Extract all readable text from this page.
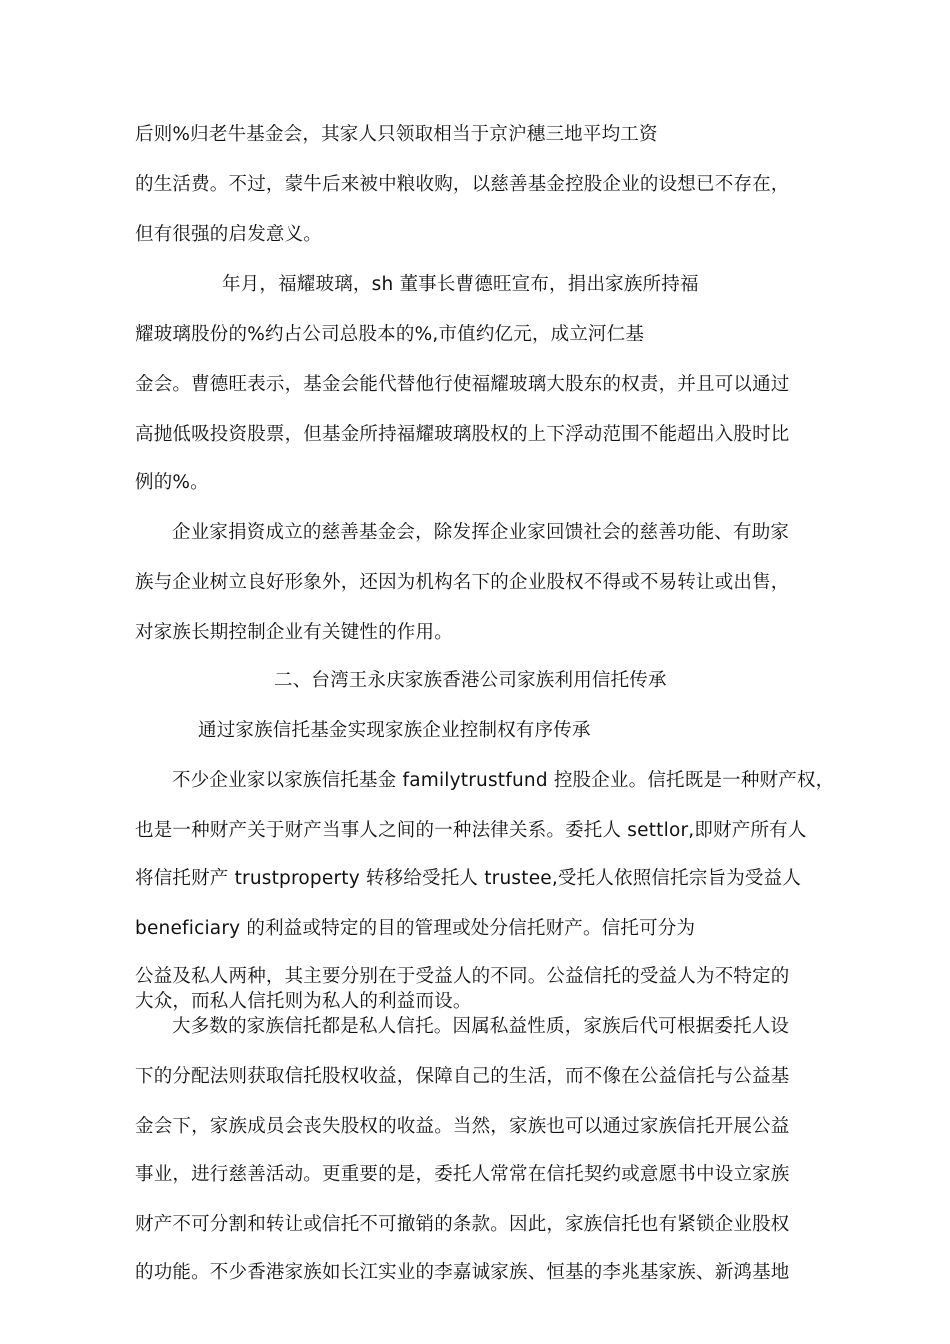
后则%归老牛基金会，其家人只领取相当于京沪穗三地平均工资
的生活费。不过，蒙牛后来被中粮收购，以慈善基金控股企业的设想已不存在，
但有很强的启发意义。
年月，福耀玻璃，sh 董事长曹德旺宣布，捐出家族所持福
耀玻璃股份的%约占公司总股本的%,市值约亿元，成立河仁基
金会。曹德旺表示，基金会能代替他行使福耀玻璃大股东的权责，并且可以通过
高抛低吸投资股票，但基金所持福耀玻璃股权的上下浮动范围不能超出入股时比
例的%。
企业家捐资成立的慈善基金会，除发挥企业家回馈社会的慈善功能、有助家
族与企业树立良好形象外，还因为机构名下的企业股权不得或不易转让或出售，
对家族长期控制企业有关键性的作用。
二、台湾王永庆家族香港公司家族利用信托传承
通过家族信托基金实现家族企业控制权有序传承
不少企业家以家族信托基金 familytrustfund 控股企业。信托既是一种财产权，
也是一种财产关于财产当事人之间的一种法律关系。委托人 settlor,即财产所有人
将信托财产 trustproperty 转移给受托人 trustee,受托人依照信托宗旨为受益人
beneficiary 的利益或特定的目的管理或处分信托财产。信托可分为
公益及私人两种，其主要分别在于受益人的不同。公益信托的受益人为不特定的
大众，而私人信托则为私人的利益而设。
大多数的家族信托都是私人信托。因属私益性质，家族后代可根据委托人设
下的分配法则获取信托股权收益，保障自己的生活，而不像在公益信托与公益基
金会下，家族成员会丧失股权的收益。当然，家族也可以通过家族信托开展公益
事业，进行慈善活动。更重要的是，委托人常常在信托契约或意愿书中设立家族
财产不可分割和转让或信托不可撤销的条款。因此，家族信托也有紧锁企业股权
的功能。不少香港家族如长江实业的李嘉诚家族、恒基的李兆基家族、新鸿基地
